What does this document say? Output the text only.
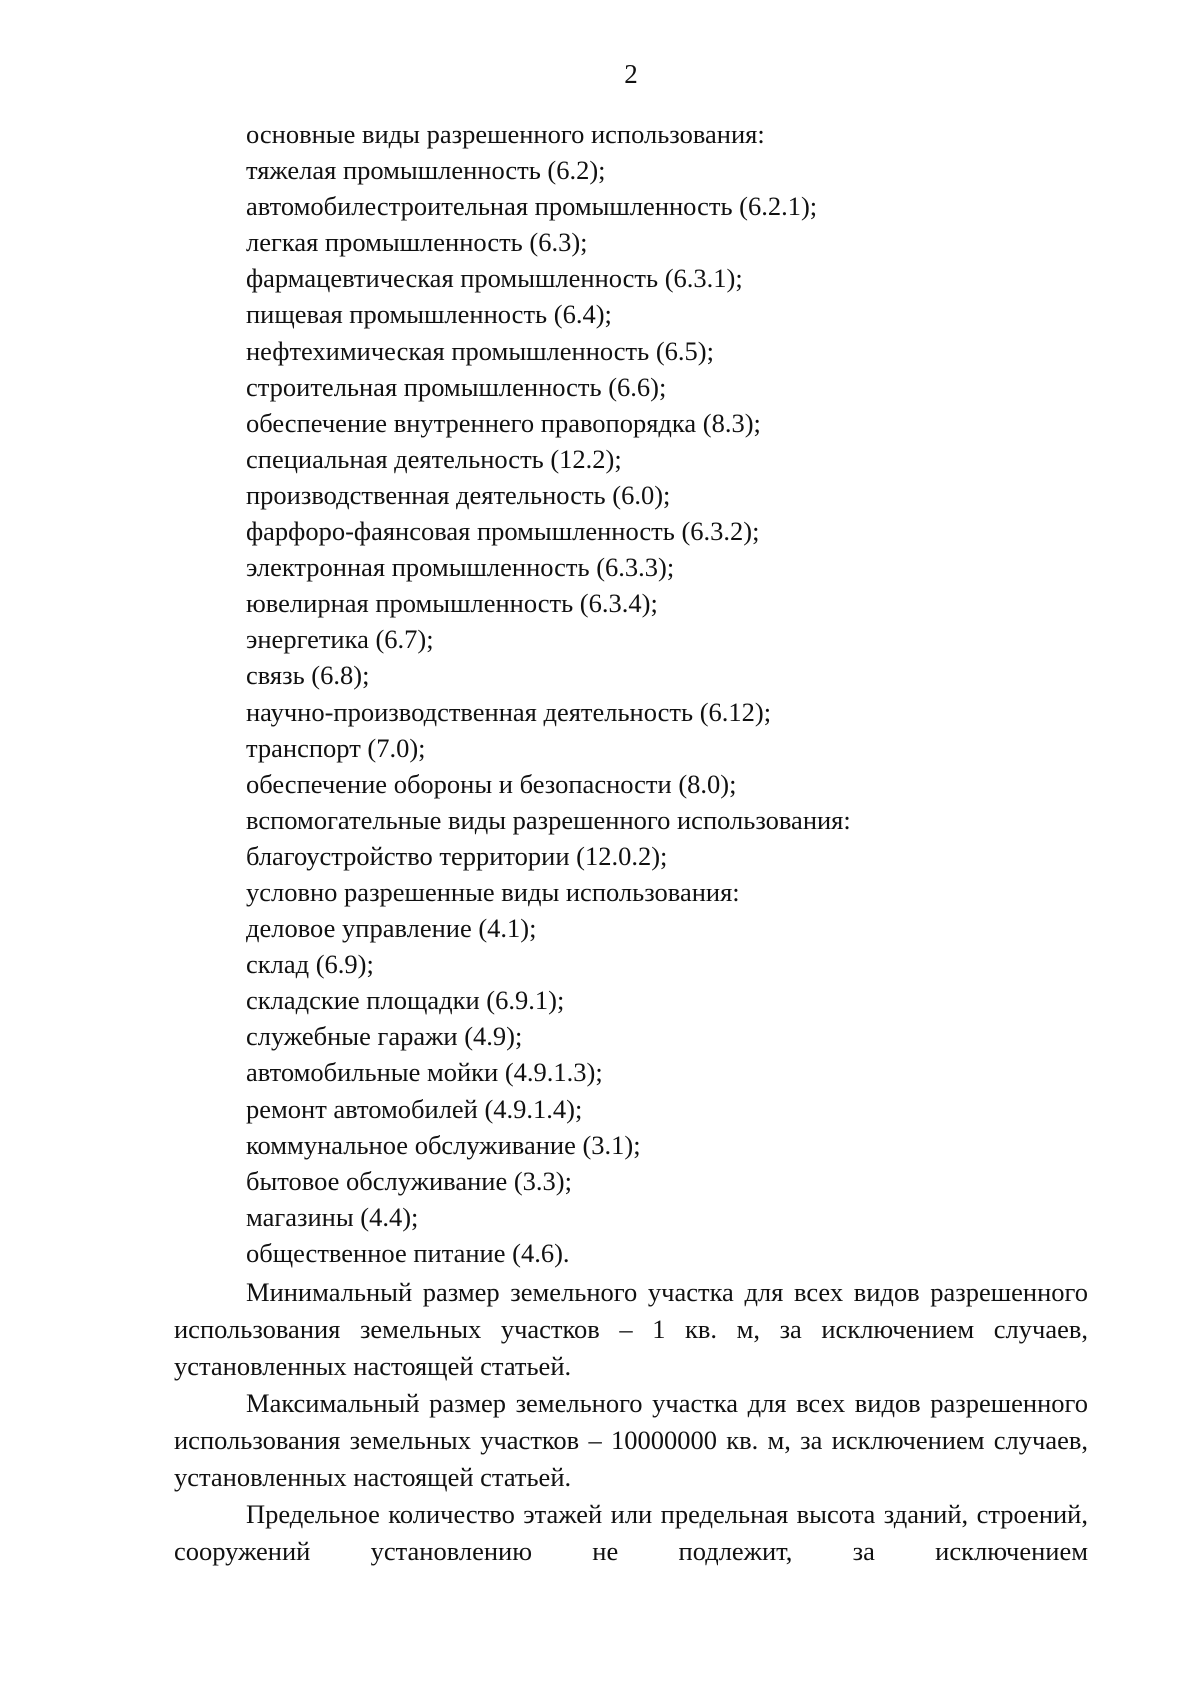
2
основные виды разрешенного использования:
тяжелая промышленность (6.2);
автомобилестроительная промышленность (6.2.1);
легкая промышленность (6.3);
фармацевтическая промышленность (6.3.1);
пищевая промышленность (6.4);
нефтехимическая промышленность (6.5);
строительная промышленность (6.6);
обеспечение внутреннего правопорядка (8.3);
специальная деятельность (12.2);
производственная деятельность (6.0);
фарфоро-фаянсовая промышленность (6.3.2);
электронная промышленность (6.3.3);
ювелирная промышленность (6.3.4);
энергетика (6.7);
связь (6.8);
научно-производственная деятельность (6.12);
транспорт (7.0);
обеспечение обороны и безопасности (8.0);
вспомогательные виды разрешенного использования:
благоустройство территории (12.0.2);
условно разрешенные виды использования:
деловое управление (4.1);
склад (6.9);
складские площадки (6.9.1);
служебные гаражи (4.9);
автомобильные мойки (4.9.1.3);
ремонт автомобилей (4.9.1.4);
коммунальное обслуживание (3.1);
бытовое обслуживание (3.3);
магазины (4.4);
общественное питание (4.6).

Минимальный размер земельного участка для всех видов разрешенного использования земельных участков – 1 кв. м, за исключением случаев, установленных настоящей статьей.

Максимальный размер земельного участка для всех видов разрешенного использования земельных участков – 10000000 кв. м, за исключением случаев, установленных настоящей статьей.

Предельное количество этажей или предельная высота зданий, строений, сооружений установлению не подлежит, за исключением
